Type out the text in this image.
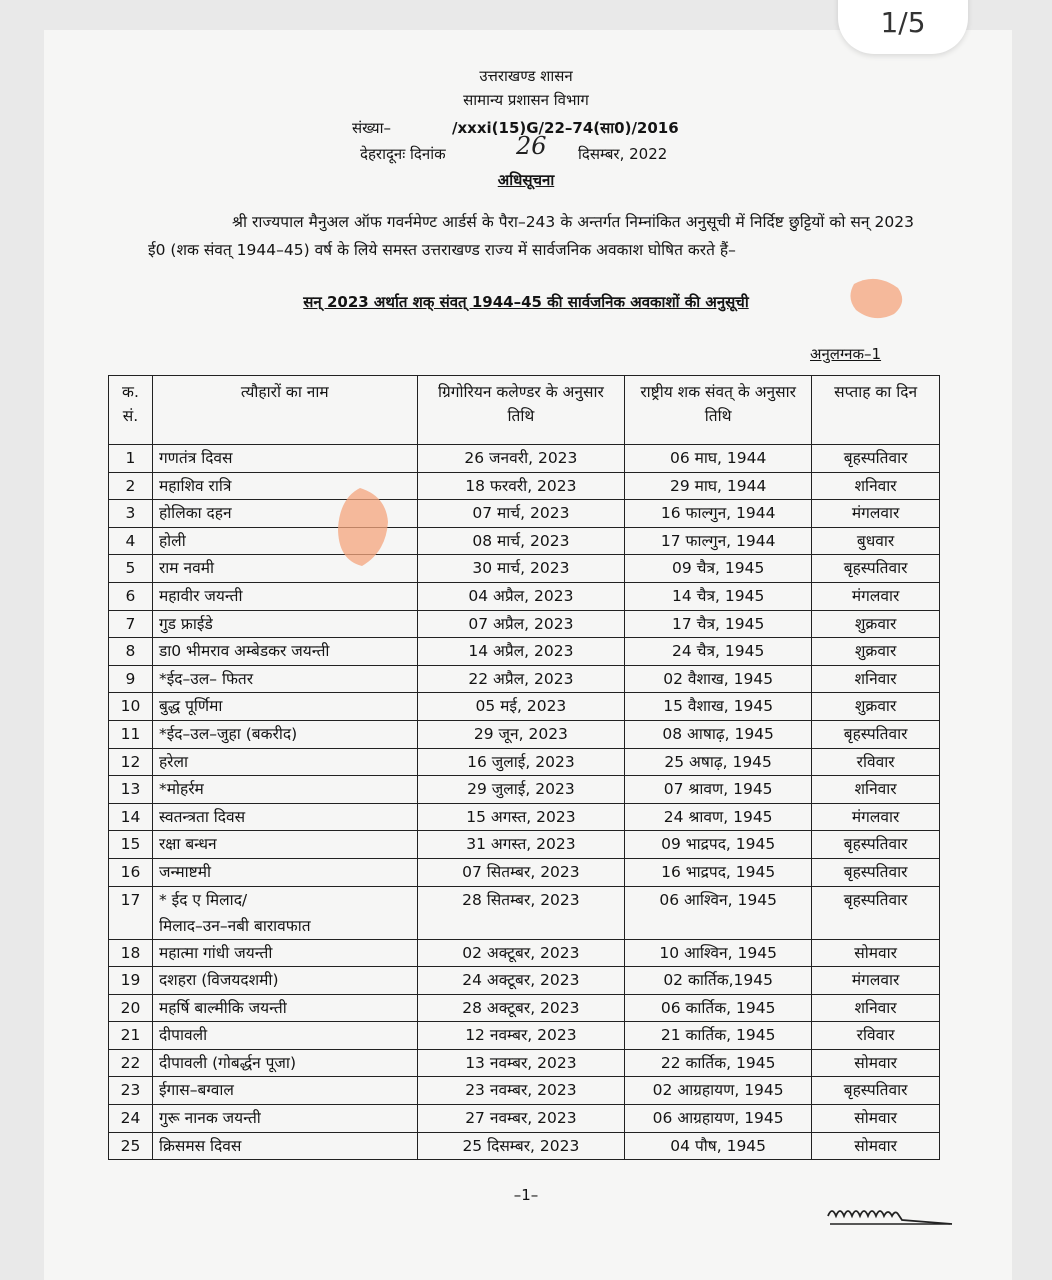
1/5
उत्तराखण्ड शासन
सामान्य प्रशासन विभाग
संख्या–	/xxxi(15)G/22–74(सा0)/2016
देहरादूनः दिनांक	26 दिसम्बर, 2022
अधिसूचना
श्री राज्यपाल मैनुअल ऑफ गवर्नमेण्ट आर्डर्स के पैरा–243 के अन्तर्गत निम्नांकित अनुसूची में निर्दिष्ट छुट्टियों को सन् 2023 ई0 (शक संवत् 1944–45) वर्ष के लिये समस्त उत्तराखण्ड राज्य में सार्वजनिक अवकाश घोषित करते हैं–
सन् 2023 अर्थात शक् संवत् 1944–45 की सार्वजनिक अवकाशों की अनुसूची
अनुलग्नक–1
क. सं.	त्यौहारों का नाम	ग्रिगोरियन कलेण्डर के अनुसार तिथि	राष्ट्रीय शक संवत् के अनुसार तिथि	सप्ताह का दिन
1	गणतंत्र दिवस	26 जनवरी, 2023	06 माघ, 1944	बृहस्पतिवार
2	महाशिव रात्रि	18 फरवरी, 2023	29 माघ, 1944	शनिवार
3	होलिका दहन	07 मार्च, 2023	16 फाल्गुन, 1944	मंगलवार
4	होली	08 मार्च, 2023	17 फाल्गुन, 1944	बुधवार
5	राम नवमी	30 मार्च, 2023	09 चैत्र, 1945	बृहस्पतिवार
6	महावीर जयन्ती	04 अप्रैल, 2023	14 चैत्र, 1945	मंगलवार
7	गुड फ्राईडे	07 अप्रैल, 2023	17 चैत्र, 1945	शुक्रवार
8	डा0 भीमराव अम्बेडकर जयन्ती	14 अप्रैल, 2023	24 चैत्र, 1945	शुक्रवार
9	*ईद–उल– फितर	22 अप्रैल, 2023	02 वैशाख, 1945	शनिवार
10	बुद्ध पूर्णिमा	05 मई, 2023	15 वैशाख, 1945	शुक्रवार
11	*ईद–उल–जुहा (बकरीद)	29 जून, 2023	08 आषाढ़, 1945	बृहस्पतिवार
12	हरेला	16 जुलाई, 2023	25 अषाढ़, 1945	रविवार
13	*मोहर्रम	29 जुलाई, 2023	07 श्रावण, 1945	शनिवार
14	स्वतन्त्रता दिवस	15 अगस्त, 2023	24 श्रावण, 1945	मंगलवार
15	रक्षा बन्धन	31 अगस्त, 2023	09 भाद्रपद, 1945	बृहस्पतिवार
16	जन्माष्टमी	07 सितम्बर, 2023	16 भाद्रपद, 1945	बृहस्पतिवार
17	* ईद ए मिलाद/
मिलाद–उन–नबी बारावफात	28 सितम्बर, 2023	06 आश्विन, 1945	बृहस्पतिवार
18	महात्मा गांधी जयन्ती	02 अक्टूबर, 2023	10 आश्विन, 1945	सोमवार
19	दशहरा (विजयदशमी)	24 अक्टूबर, 2023	02 कार्तिक,1945	मंगलवार
20	महर्षि बाल्मीकि जयन्ती	28 अक्टूबर, 2023	06 कार्तिक, 1945	शनिवार
21	दीपावली	12 नवम्बर, 2023	21 कार्तिक, 1945	रविवार
22	दीपावली (गोबर्द्धन पूजा)	13 नवम्बर, 2023	22 कार्तिक, 1945	सोमवार
23	ईगास–बग्वाल	23 नवम्बर, 2023	02 आग्रहायण, 1945	बृहस्पतिवार
24	गुरू नानक जयन्ती	27 नवम्बर, 2023	06 आग्रहायण, 1945	सोमवार
25	क्रिसमस दिवस	25 दिसम्बर, 2023	04 पौष, 1945	सोमवार
–1–
